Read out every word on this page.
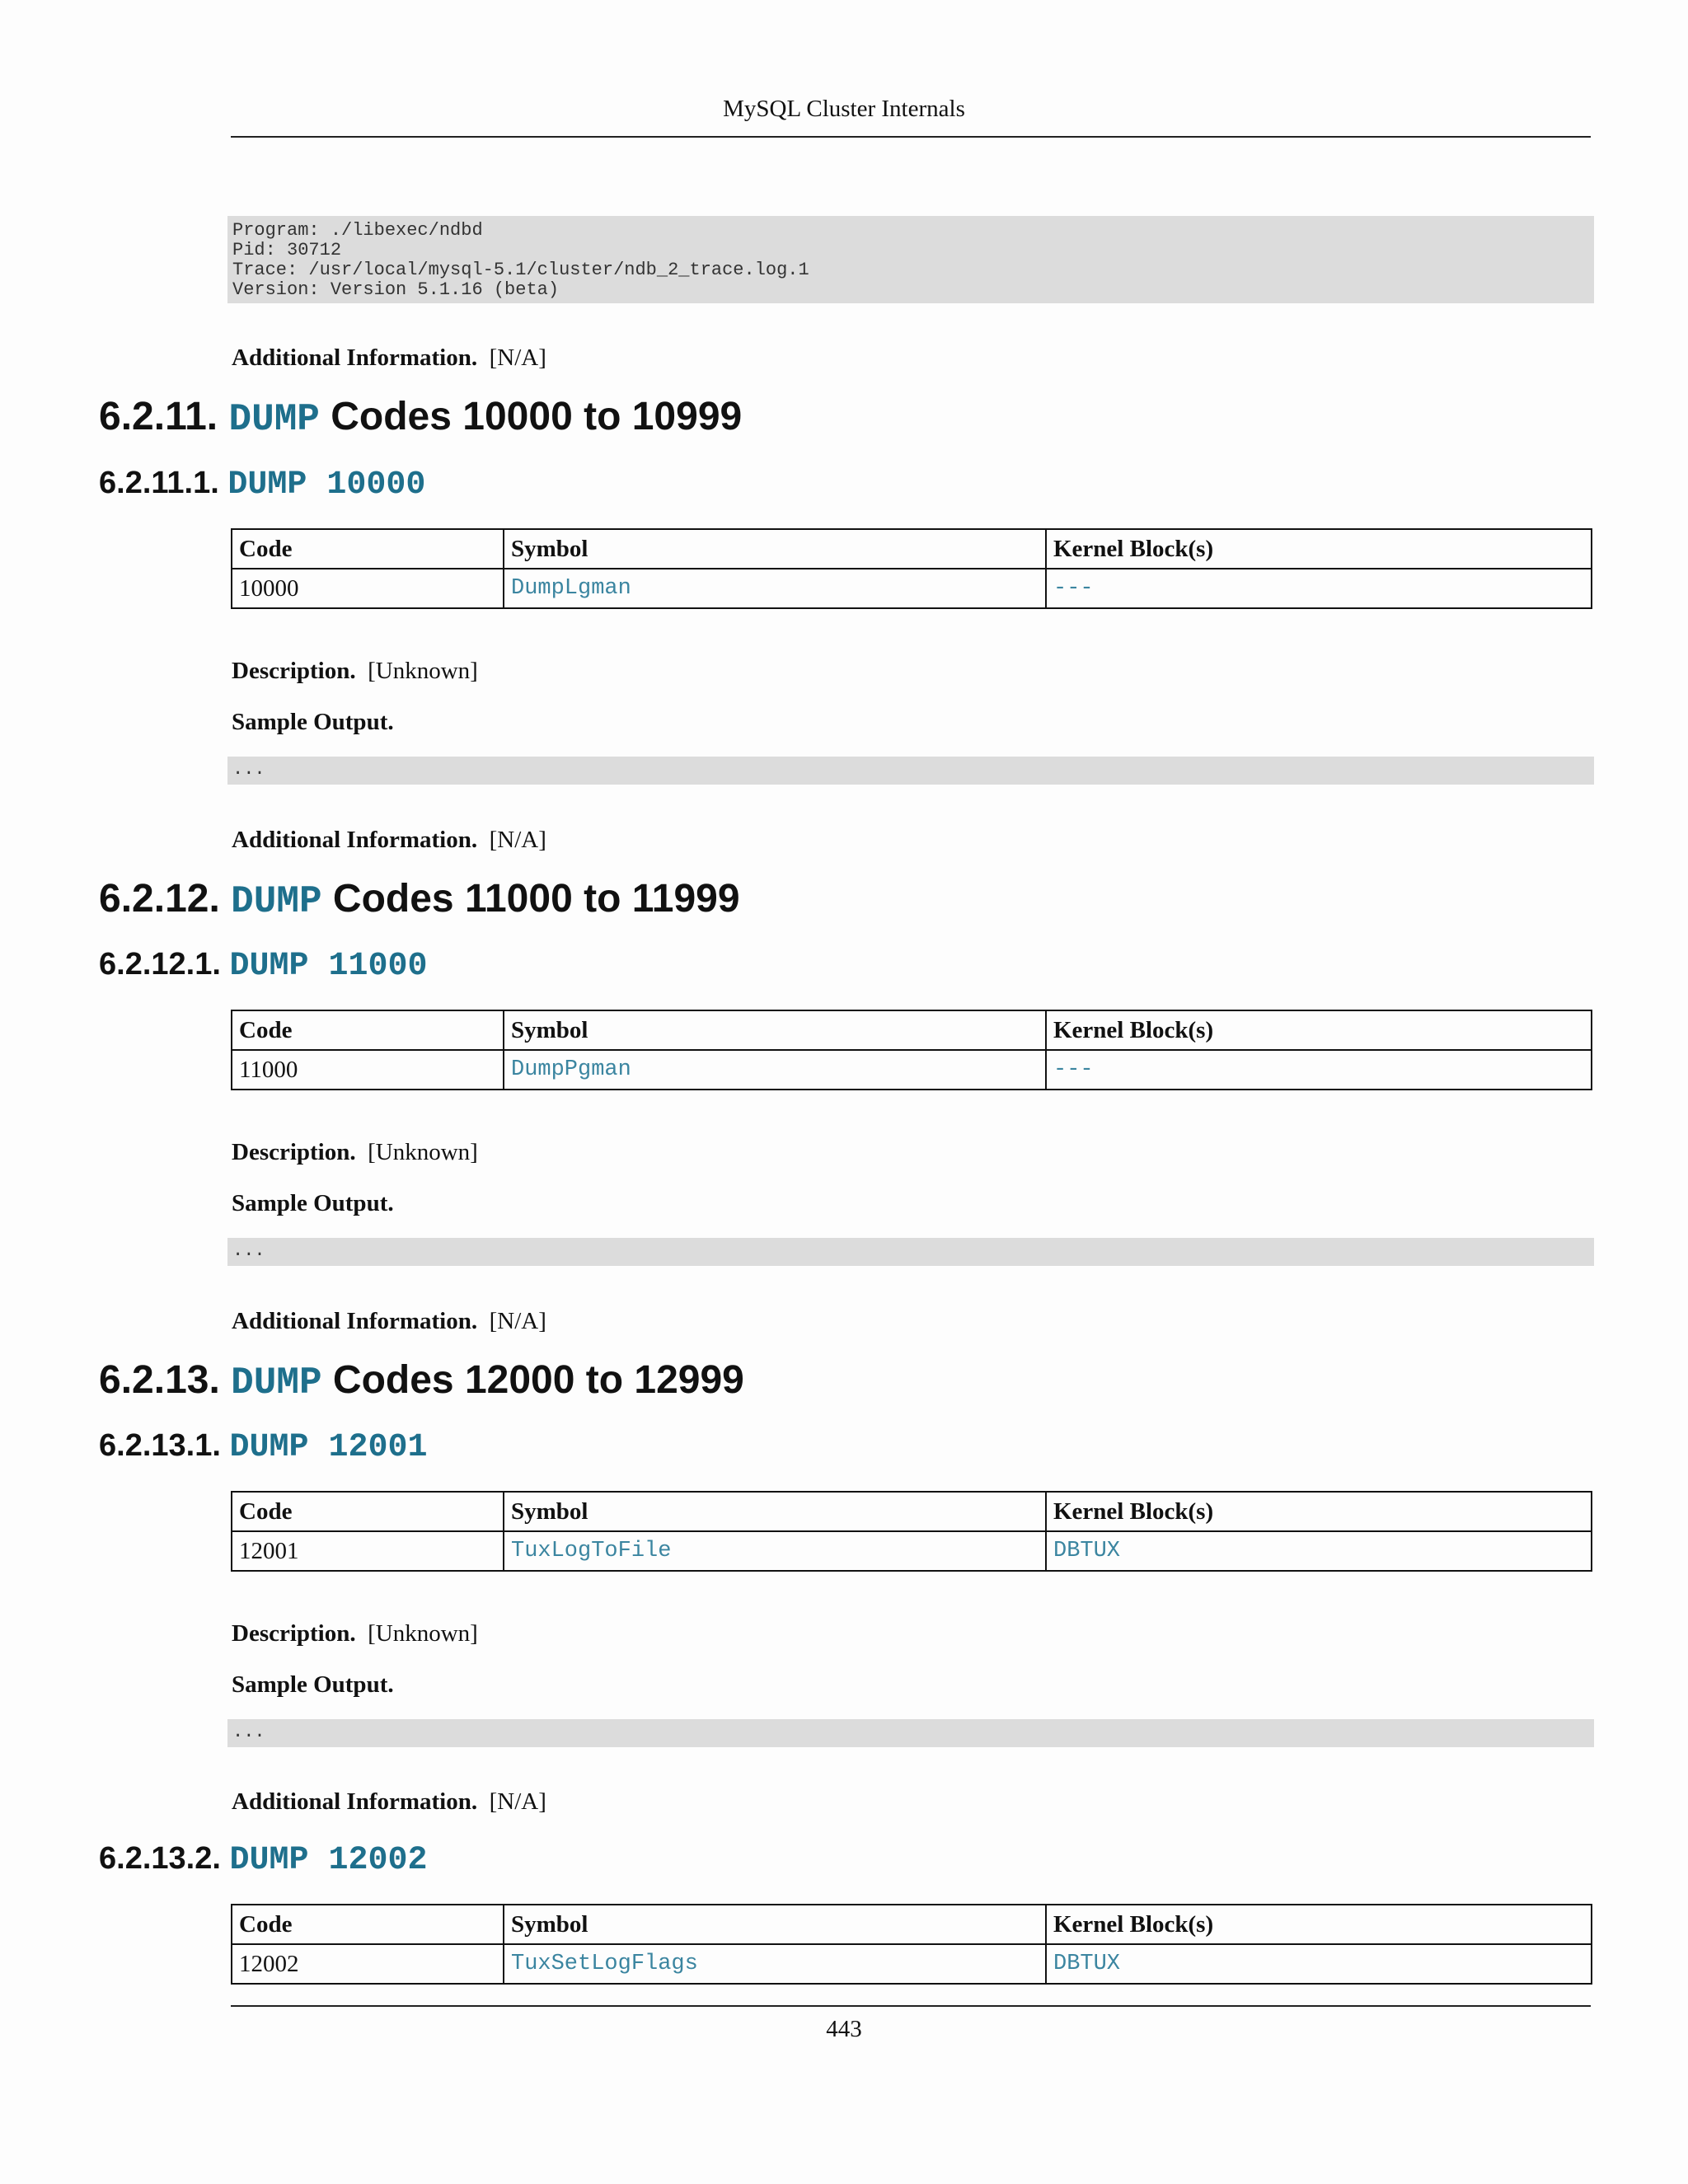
MySQL Cluster Internals
Program: ./libexec/ndbd
Pid: 30712
Trace: /usr/local/mysql-5.1/cluster/ndb_2_trace.log.1
Version: Version 5.1.16 (beta)
Additional Information. [N/A]
6.2.11. DUMP Codes 10000 to 10999
6.2.11.1. DUMP 10000
Code	Symbol	Kernel Block(s)
10000	DumpLgman	---
Description. [Unknown]
Sample Output.
...
Additional Information. [N/A]
6.2.12. DUMP Codes 11000 to 11999
6.2.12.1. DUMP 11000
Code	Symbol	Kernel Block(s)
11000	DumpPgman	---
Description. [Unknown]
Sample Output.
...
Additional Information. [N/A]
6.2.13. DUMP Codes 12000 to 12999
6.2.13.1. DUMP 12001
Code	Symbol	Kernel Block(s)
12001	TuxLogToFile	DBTUX
Description. [Unknown]
Sample Output.
...
Additional Information. [N/A]
6.2.13.2. DUMP 12002
Code	Symbol	Kernel Block(s)
12002	TuxSetLogFlags	DBTUX
443
